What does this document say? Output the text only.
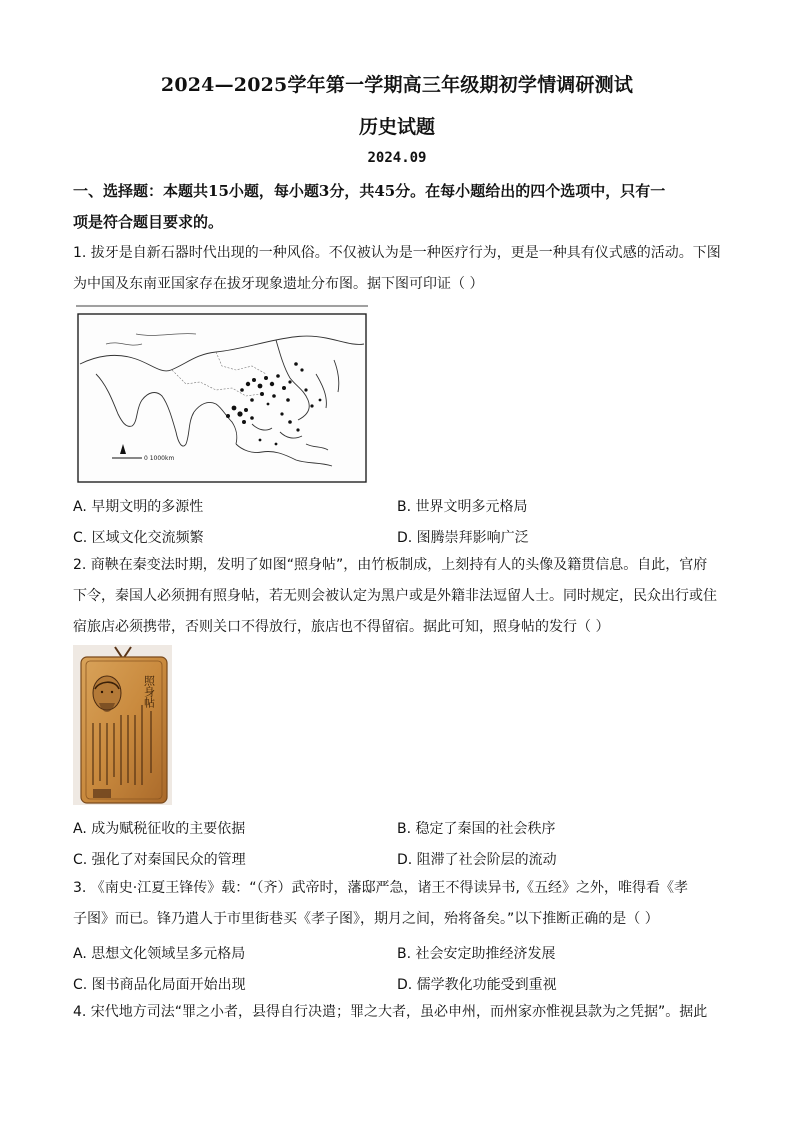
2024—2025学年第一学期高三年级期初学情调研测试
历史试题
2024.09
一、选择题：本题共15小题，每小题3分，共45分。在每小题给出的四个选项中，只有一
项是符合题目要求的。
1. 拔牙是自新石器时代出现的一种风俗。不仅被认为是一种医疗行为，更是一种具有仪式感的活动。下图
为中国及东南亚国家存在拔牙现象遗址分布图。据下图可印证（ ）
0 1000km
A. 早期文明的多源性	B. 世界文明多元格局
C. 区域文化交流频繁	D. 图腾崇拜影响广泛
2. 商鞅在秦变法时期，发明了如图“照身帖”，由竹板制成，上刻持有人的头像及籍贯信息。自此，官府
下令，秦国人必须拥有照身帖，若无则会被认定为黑户或是外籍非法逗留人士。同时规定，民众出行或住
宿旅店必须携带，否则关口不得放行，旅店也不得留宿。据此可知，照身帖的发行（ ）
照身帖
A. 成为赋税征收的主要依据	B. 稳定了秦国的社会秩序
C. 强化了对秦国民众的管理	D. 阻滞了社会阶层的流动
3. 《南史·江夏王锋传》载：“（齐）武帝时，藩邸严急，诸王不得读异书,《五经》之外，唯得看《孝
子图》而已。锋乃遣人于市里街巷买《孝子图》，期月之间，殆将备矣。”以下推断正确的是（ ）
A. 思想文化领域呈多元格局	B. 社会安定助推经济发展
C. 图书商品化局面开始出现	D. 儒学教化功能受到重视
4. 宋代地方司法“罪之小者，县得自行决遣；罪之大者，虽必申州，而州家亦惟视县款为之凭据”。据此
